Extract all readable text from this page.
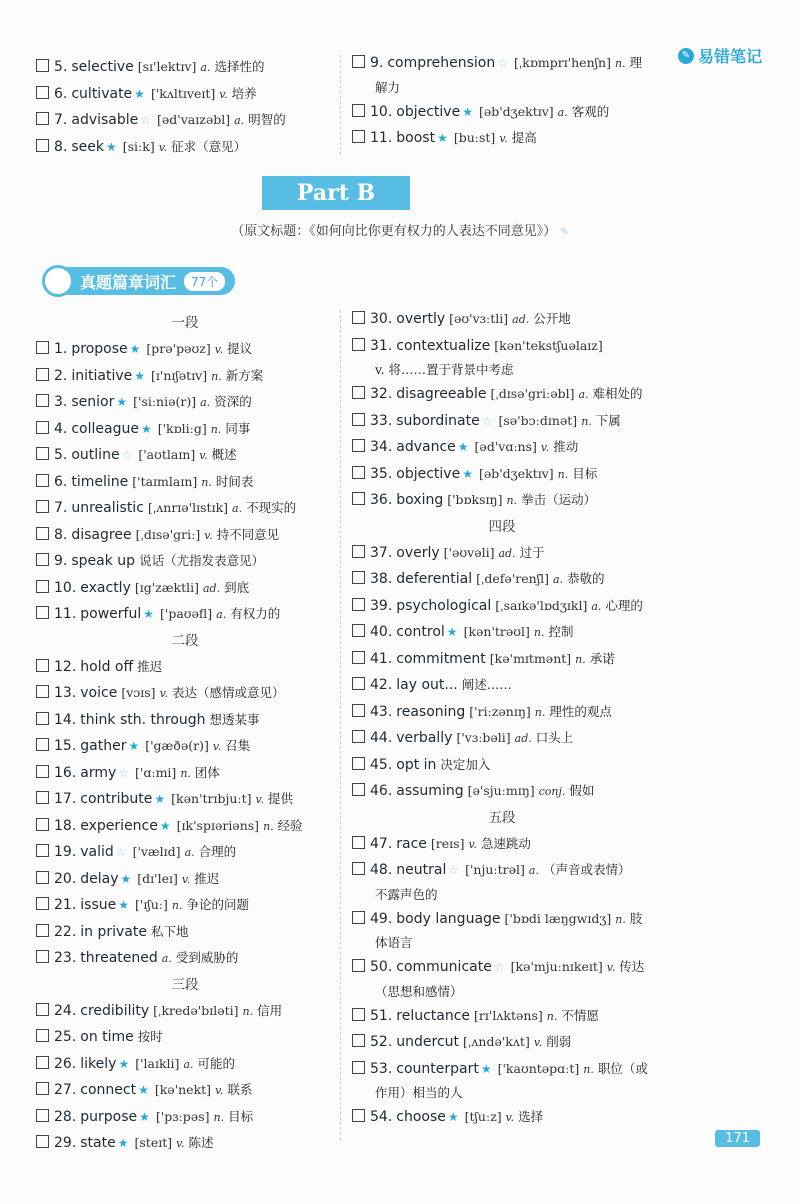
✎ 易错笔记
5. selective [sɪ'lektɪv] a. 选择性的
6. cultivate ★ ['kʌltɪveɪt] v. 培养
7. advisable ☆ [əd'vaɪzəbl] a. 明智的
8. seek ★ [siːk] v. 征求（意见）
9. comprehension ☆ [ˌkɒmprɪ'henʃn] n. 理
解力
10. objective ★ [əb'dʒektɪv] a. 客观的
11. boost ★ [buːst] v. 提高
Part B
（原文标题：《如何向比你更有权力的人表达不同意见》） ✎
真题篇章词汇	77个
一段
1. propose ★ [prə'pəʊz] v. 提议
2. initiative ★ [ɪ'nɪʃətɪv] n. 新方案
3. senior ★ ['siːniə(r)] a. 资深的
4. colleague ★ ['kɒliːg] n. 同事
5. outline ☆ ['aʊtlaɪn] v. 概述
6. timeline ['taɪmlaɪn] n. 时间表
7. unrealistic [ˌʌnrɪə'lɪstɪk] a. 不现实的
8. disagree [ˌdɪsə'griː] v. 持不同意见
9. speak up 说话（尤指发表意见）
10. exactly [ɪg'zæktli] ad. 到底
11. powerful ★ ['paʊəfl] a. 有权力的
二段
12. hold off 推迟
13. voice [vɔɪs] v. 表达（感情或意见）
14. think sth. through 想透某事
15. gather ★ ['gæðə(r)] v. 召集
16. army ☆ ['ɑːmi] n. 团体
17. contribute ★ [kən'trɪbjuːt] v. 提供
18. experience ★ [ɪk'spɪəriəns] n. 经验
19. valid ☆ ['vælɪd] a. 合理的
20. delay ★ [dɪ'leɪ] v. 推迟
21. issue ★ ['ɪʃuː] n. 争论的问题
22. in private 私下地
23. threatened a. 受到威胁的
三段
24. credibility [ˌkredə'bɪləti] n. 信用
25. on time 按时
26. likely ★ ['laɪkli] a. 可能的
27. connect ★ [kə'nekt] v. 联系
28. purpose ★ ['pɜːpəs] n. 目标
29. state ★ [steɪt] v. 陈述
30. overtly [əʊ'vɜːtli] ad. 公开地
31. contextualize [kən'tekstʃuəlaɪz]
v. 将……置于背景中考虑
32. disagreeable [ˌdɪsə'griːəbl] a. 难相处的
33. subordinate ☆ [sə'bɔːdɪnət] n. 下属
34. advance ★ [əd'vɑːns] v. 推动
35. objective ★ [əb'dʒektɪv] n. 目标
36. boxing ['bɒksɪŋ] n. 拳击（运动）
四段
37. overly ['əʊvəli] ad. 过于
38. deferential [ˌdefə'renʃl] a. 恭敬的
39. psychological [ˌsaɪkə'lɒdʒɪkl] a. 心理的
40. control ★ [kən'trəʊl] n. 控制
41. commitment [kə'mɪtmənt] n. 承诺
42. lay out... 阐述……
43. reasoning ['riːzənɪŋ] n. 理性的观点
44. verbally ['vɜːbəli] ad. 口头上
45. opt in 决定加入
46. assuming [ə'sjuːmɪŋ] conj. 假如
五段
47. race [reɪs] v. 急速跳动
48. neutral ☆ ['njuːtrəl] a. （声音或表情）
不露声色的
49. body language ['bɒdi læŋgwɪdʒ] n. 肢
体语言
50. communicate ☆ [kə'mjuːnɪkeɪt] v. 传达
（思想和感情）
51. reluctance [rɪ'lʌktəns] n. 不情愿
52. undercut [ˌʌndə'kʌt] v. 削弱
53. counterpart ★ ['kaʊntəpɑːt] n. 职位（或
作用）相当的人
54. choose ★ [tʃuːz] v. 选择
171
